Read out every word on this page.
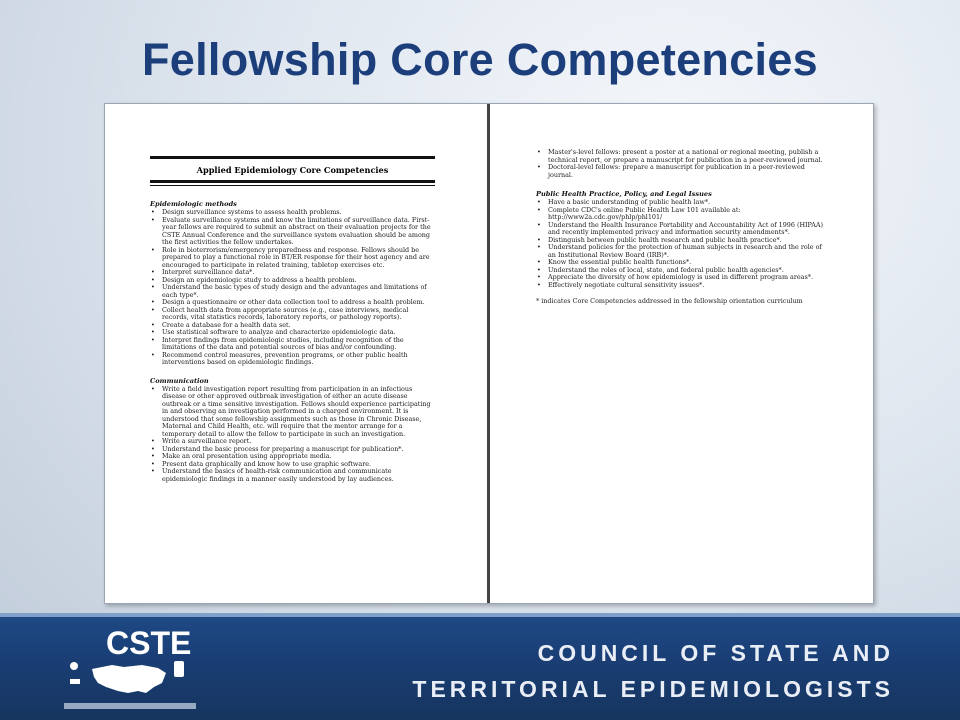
Fellowship Core Competencies
Applied Epidemiology Core Competencies
Epidemiologic methods
• Design surveillance systems to assess health problems.
• Evaluate surveillance systems and know the limitations of surveillance data. First-year fellows are required to submit an abstract on their evaluation projects for the CSTE Annual Conference and the surveillance system evaluation should be among the first activities the fellow undertakes.
• Role in bioterrorism/emergency preparedness and response. Fellows should be prepared to play a functional role in BT/ER response for their host agency and are encouraged to participate in related training, tabletop exercises etc.
• Interpret surveillance data*.
• Design an epidemiologic study to address a health problem.
• Understand the basic types of study design and the advantages and limitations of each type*.
• Design a questionnaire or other data collection tool to address a health problem.
• Collect health data from appropriate sources (e.g., case interviews, medical records, vital statistics records, laboratory reports, or pathology reports).
• Create a database for a health data set.
• Use statistical software to analyze and characterize epidemiologic data.
• Interpret findings from epidemiologic studies, including recognition of the limitations of the data and potential sources of bias and/or confounding.
• Recommend control measures, prevention programs, or other public health interventions based on epidemiologic findings.
Communication
• Write a field investigation report resulting from participation in an infectious disease or other approved outbreak investigation of either an acute disease outbreak or a time sensitive investigation. Fellows should experience participating in and observing an investigation performed in a charged environment. It is understood that some fellowship assignments such as those in Chronic Disease, Maternal and Child Health, etc. will require that the mentor arrange for a temporary detail to allow the fellow to participate in such an investigation.
• Write a surveillance report.
• Understand the basic process for preparing a manuscript for publication*.
• Make an oral presentation using appropriate media.
• Present data graphically and know how to use graphic software.
• Understand the basics of health-risk communication and communicate epidemiologic findings in a manner easily understood by lay audiences.
• Master's-level fellows: present a poster at a national or regional meeting, publish a technical report, or prepare a manuscript for publication in a peer-reviewed journal.
• Doctoral-level fellows: prepare a manuscript for publication in a peer-reviewed journal.
Public Health Practice, Policy, and Legal Issues
• Have a basic understanding of public health law*.
• Complete CDC's online Public Health Law 101 available at: http://www2a.cdc.gov/phlp/phl101/
• Understand the Health Insurance Portability and Accountability Act of 1996 (HIPAA) and recently implemented privacy and information security amendments*.
• Distinguish between public health research and public health practice*.
• Understand policies for the protection of human subjects in research and the role of an Institutional Review Board (IRB)*.
• Know the essential public health functions*.
• Understand the roles of local, state, and federal public health agencies*.
• Appreciate the diversity of how epidemiology is used in different program areas*.
• Effectively negotiate cultural sensitivity issues*.
* indicates Core Competencies addressed in the fellowship orientation curriculum
CSTE	COUNCIL OF STATE AND
TERRITORIAL EPIDEMIOLOGISTS
